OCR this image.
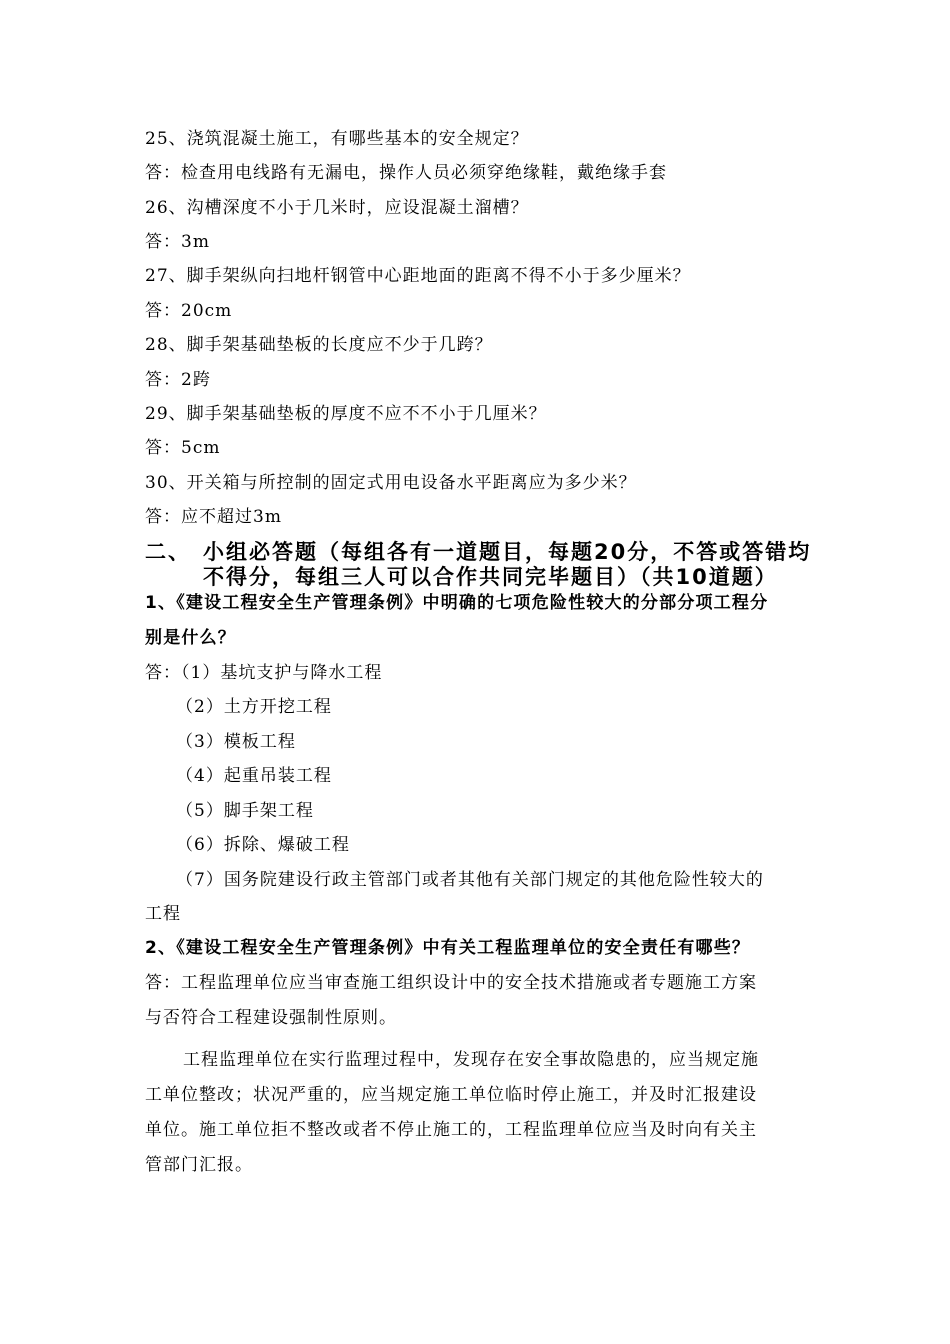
25、浇筑混凝土施工，有哪些基本的安全规定？
答：检查用电线路有无漏电，操作人员必须穿绝缘鞋，戴绝缘手套
26、沟槽深度不小于几米时，应设混凝土溜槽？
答：3m
27、脚手架纵向扫地杆钢管中心距地面的距离不得不小于多少厘米？
答：20cm
28、脚手架基础垫板的长度应不少于几跨？
答：2跨
29、脚手架基础垫板的厚度不应不不小于几厘米？
答：5cm
30、开关箱与所控制的固定式用电设备水平距离应为多少米？
答：应不超过3m
二、 小组必答题（每组各有一道题目，每题20分，不答或答错均
不得分，每组三人可以合作共同完毕题目）（共10道题）
1、《建设工程安全生产管理条例》中明确的七项危险性较大的分部分项工程分
别是什么？
答：（1）基坑支护与降水工程
（2）土方开挖工程
（3）模板工程
（4）起重吊装工程
（5）脚手架工程
（6）拆除、爆破工程
（7）国务院建设行政主管部门或者其他有关部门规定的其他危险性较大的
工程
2、《建设工程安全生产管理条例》中有关工程监理单位的安全责任有哪些？
答：工程监理单位应当审查施工组织设计中的安全技术措施或者专题施工方案
与否符合工程建设强制性原则。
工程监理单位在实行监理过程中，发现存在安全事故隐患的，应当规定施
工单位整改；状况严重的，应当规定施工单位临时停止施工，并及时汇报建设
单位。施工单位拒不整改或者不停止施工的，工程监理单位应当及时向有关主
管部门汇报。
